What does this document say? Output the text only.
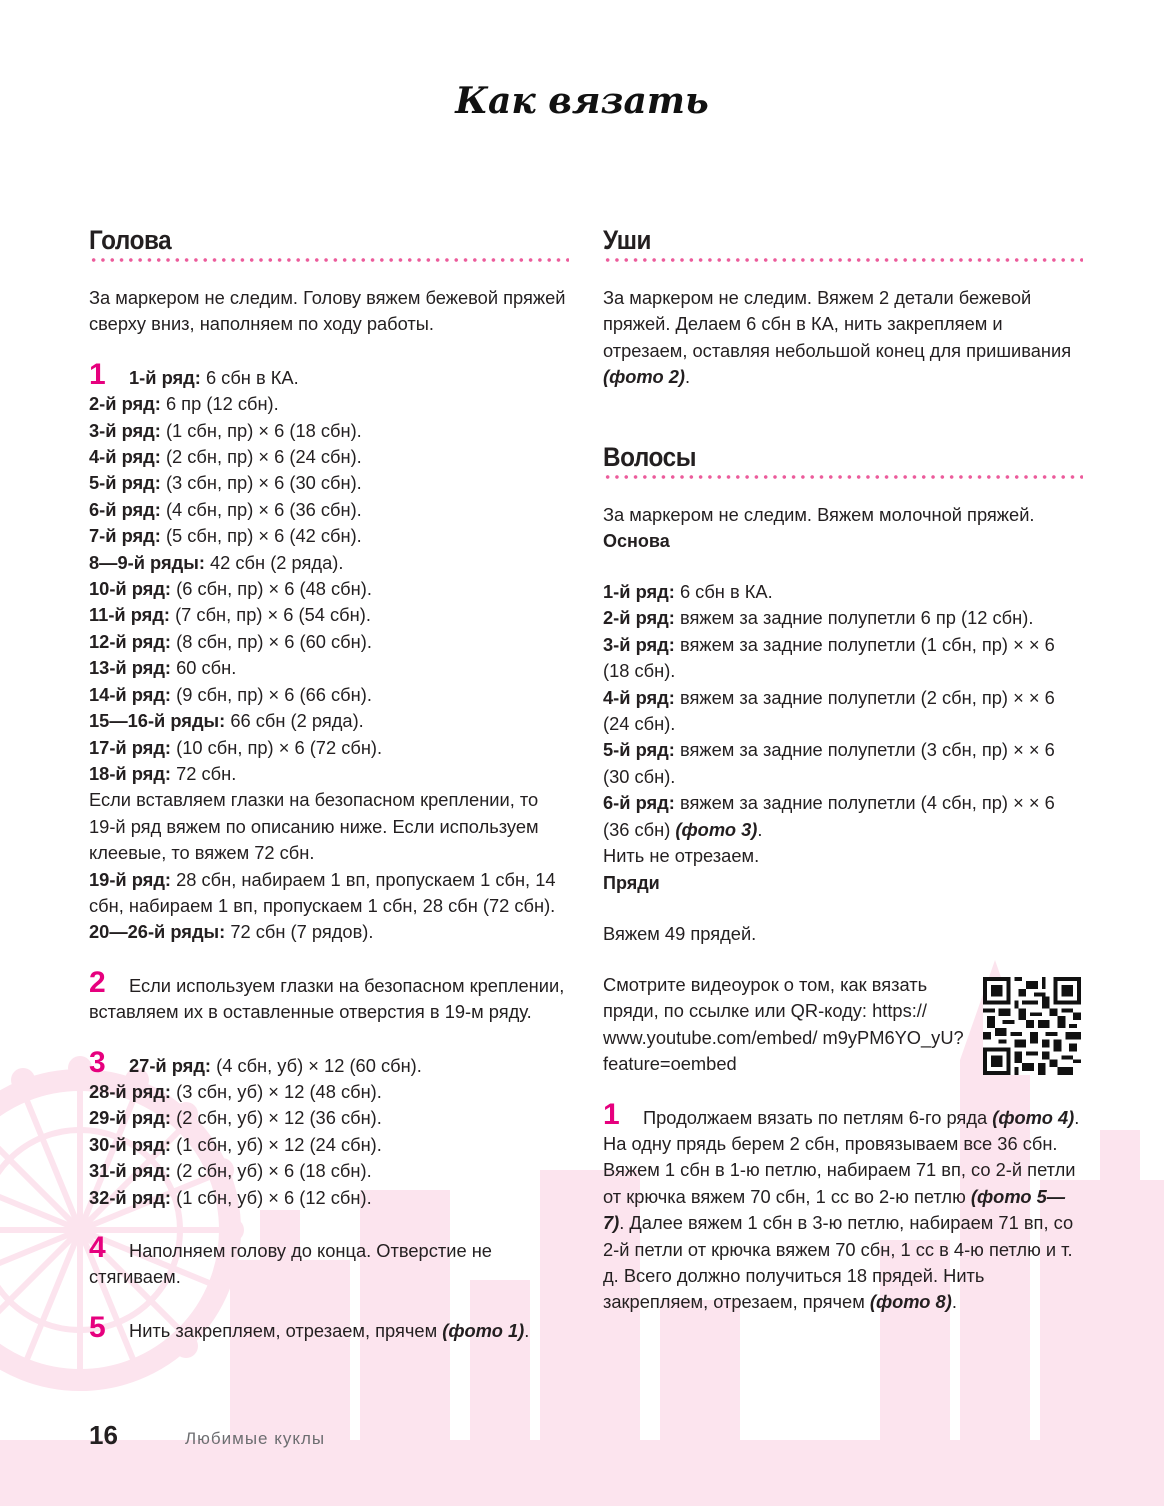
Как вязать
Голова

За маркером не следим. Голову вяжем бежевой пряжей сверху вниз, наполняем по ходу работы.

1 1-й ряд: 6 сбн в КА.
2-й ряд: 6 пр (12 сбн).
3-й ряд: (1 сбн, пр) × 6 (18 сбн).
4-й ряд: (2 сбн, пр) × 6 (24 сбн).
5-й ряд: (3 сбн, пр) × 6 (30 сбн).
6-й ряд: (4 сбн, пр) × 6 (36 сбн).
7-й ряд: (5 сбн, пр) × 6 (42 сбн).
8—9-й ряды: 42 сбн (2 ряда).
10-й ряд: (6 сбн, пр) × 6 (48 сбн).
11-й ряд: (7 сбн, пр) × 6 (54 сбн).
12-й ряд: (8 сбн, пр) × 6 (60 сбн).
13-й ряд: 60 сбн.
14-й ряд: (9 сбн, пр) × 6 (66 сбн).
15—16-й ряды: 66 сбн (2 ряда).
17-й ряд: (10 сбн, пр) × 6 (72 сбн).
18-й ряд: 72 сбн.

Если вставляем глазки на безопасном креплении, то 19-й ряд вяжем по описанию ниже. Если используем клеевые, то вяжем 72 сбн.

19-й ряд: 28 сбн, набираем 1 вп, пропускаем 1 сбн, 14 сбн, набираем 1 вп, пропускаем 1 сбн, 28 сбн (72 сбн).
20—26-й ряды: 72 сбн (7 рядов).
2 Если используем глазки на безопасном креплении, вставляем их в оставленные отверстия в 19-м ряду.
3 27-й ряд: (4 сбн, уб) × 12 (60 сбн).
28-й ряд: (3 сбн, уб) × 12 (48 сбн).
29-й ряд: (2 сбн, уб) × 12 (36 сбн).
30-й ряд: (1 сбн, уб) × 12 (24 сбн).
31-й ряд: (2 сбн, уб) × 6 (18 сбн).
32-й ряд: (1 сбн, уб) × 6 (12 сбн).
4 Наполняем голову до конца. Отверстие не стягиваем.
5 Нить закрепляем, отрезаем, прячем (фото 1).
Уши

За маркером не следим. Вяжем 2 детали бежевой пряжей. Делаем 6 сбн в КА, нить закрепляем и отрезаем, оставляя небольшой конец для пришивания (фото 2).

Волосы

За маркером не следим. Вяжем молочной пряжей.

Основа

1-й ряд: 6 сбн в КА.
2-й ряд: вяжем за задние полупетли 6 пр (12 сбн).
3-й ряд: вяжем за задние полупетли (1 сбн, пр) × × 6 (18 сбн).
4-й ряд: вяжем за задние полупетли (2 сбн, пр) × × 6 (24 сбн).
5-й ряд: вяжем за задние полупетли (3 сбн, пр) × × 6 (30 сбн).
6-й ряд: вяжем за задние полупетли (4 сбн, пр) × × 6 (36 сбн) (фото 3).

Нить не отрезаем.

Пряди

Вяжем 49 прядей.

Смотрите видеоурок о том, как вязать пряди, по ссылке или QR-коду: https:// www.youtube.com/embed/ m9yPM6YO_yU?feature=oembed

1 Продолжаем вязать по петлям 6-го ряда (фото 4). На одну прядь берем 2 сбн, провязываем все 36 сбн. Вяжем 1 сбн в 1-ю петлю, набираем 71 вп, со 2-й петли от крючка вяжем 70 сбн, 1 сс во 2-ю петлю (фото 5—7). Далее вяжем 1 сбн в 3-ю петлю, набираем 71 вп, со 2-й петли от крючка вяжем 70 сбн, 1 сс в 4-ю петлю и т. д. Всего должно получиться 18 прядей. Нить закрепляем, отрезаем, прячем (фото 8).

16	Любимые куклы
